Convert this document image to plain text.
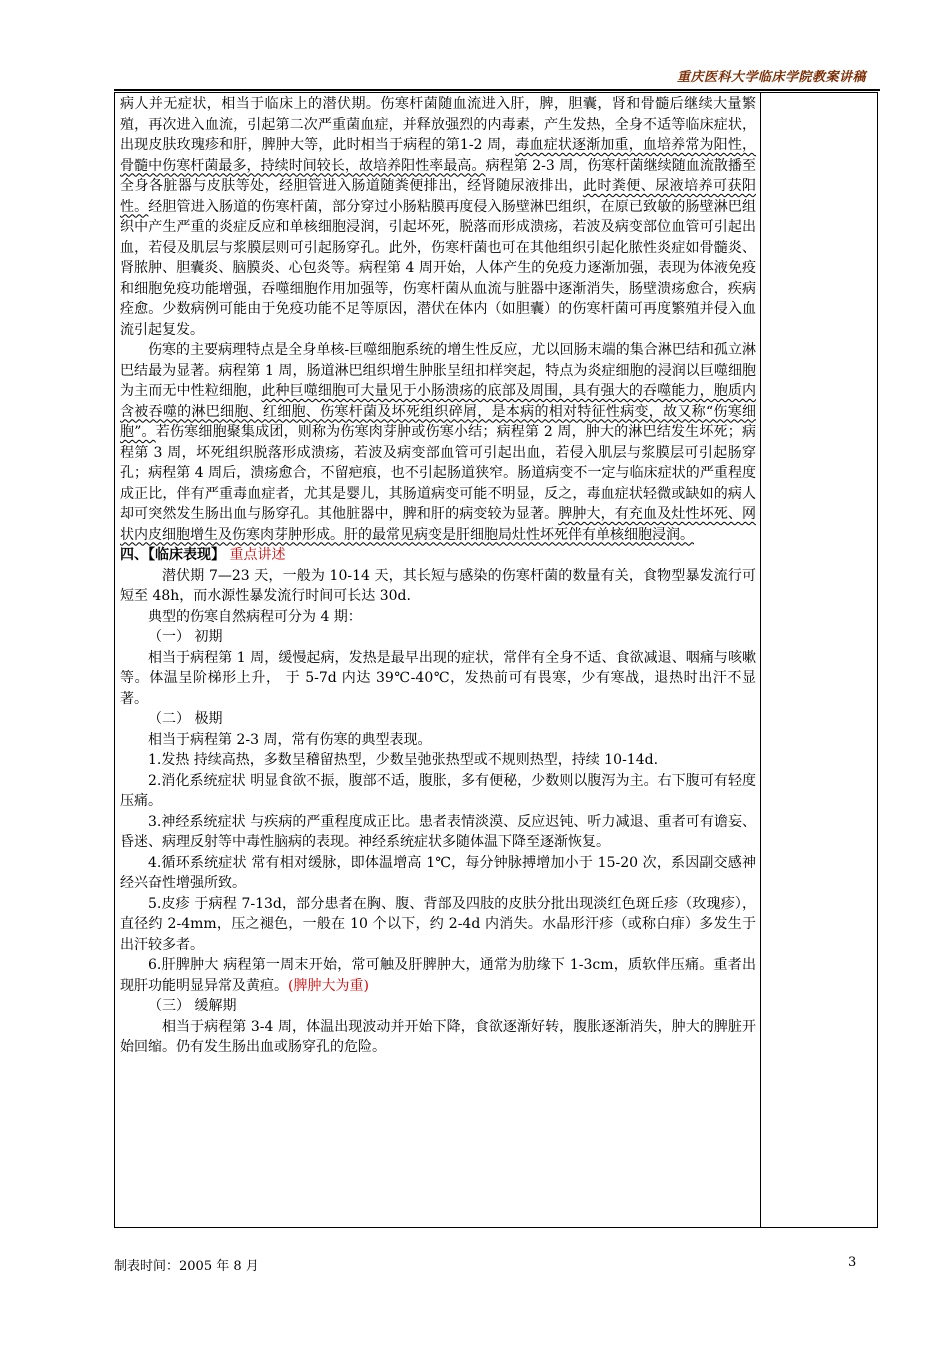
重庆医科大学临床学院教案讲稿

病人并无症状，相当于临床上的潜伏期。伤寒杆菌随血流进入肝，脾，胆囊，肾和骨髓后继续大量繁殖，再次进入血流，引起第二次严重菌血症，并释放强烈的内毒素，产生发热，全身不适等临床症状，出现皮肤玫瑰疹和肝，脾肿大等，此时相当于病程的第1-2 周，毒血症状逐渐加重，血培养常为阳性，骨髓中伤寒杆菌最多，持续时间较长，故培养阳性率最高。病程第 2-3 周，伤寒杆菌继续随血流散播至全身各脏器与皮肤等处，经胆管进入肠道随粪便排出，经肾随尿液排出，此时粪便、尿液培养可获阳性。经胆管进入肠道的伤寒杆菌，部分穿过小肠粘膜再度侵入肠壁淋巴组织，在原已致敏的肠壁淋巴组织中产生严重的炎症反应和单核细胞浸润，引起坏死，脱落而形成溃疡，若波及病变部位血管可引起出血，若侵及肌层与浆膜层则可引起肠穿孔。此外，伤寒杆菌也可在其他组织引起化脓性炎症如骨髓炎、肾脓肿、胆囊炎、脑膜炎、心包炎等。病程第 4 周开始，人体产生的免疫力逐渐加强，表现为体液免疫和细胞免疫功能增强，吞噬细胞作用加强等，伤寒杆菌从血流与脏器中逐渐消失，肠壁溃疡愈合，疾病痊愈。少数病例可能由于免疫功能不足等原因，潜伏在体内（如胆囊）的伤寒杆菌可再度繁殖并侵入血流引起复发。

伤寒的主要病理特点是全身单核-巨噬细胞系统的增生性反应，尤以回肠末端的集合淋巴结和孤立淋巴结最为显著。病程第 1 周，肠道淋巴组织增生肿胀呈纽扣样突起，特点为炎症细胞的浸润以巨噬细胞为主而无中性粒细胞，此种巨噬细胞可大量见于小肠溃疡的底部及周围，具有强大的吞噬能力，胞质内含被吞噬的淋巴细胞、红细胞、伤寒杆菌及坏死组织碎屑，是本病的相对特征性病变，故又称“伤寒细胞”。若伤寒细胞聚集成团，则称为伤寒肉芽肿或伤寒小结；病程第 2 周，肿大的淋巴结发生坏死；病程第 3 周，坏死组织脱落形成溃疡，若波及病变部血管可引起出血，若侵入肌层与浆膜层可引起肠穿孔；病程第 4 周后，溃疡愈合，不留疤痕，也不引起肠道狭窄。肠道病变不一定与临床症状的严重程度成正比，伴有严重毒血症者，尤其是婴儿，其肠道病变可能不明显，反之，毒血症状轻微或缺如的病人却可突然发生肠出血与肠穿孔。其他脏器中，脾和肝的病变较为显著。脾肿大，有充血及灶性坏死、网状内皮细胞增生及伤寒肉芽肿形成。肝的最常见病变是肝细胞局灶性坏死伴有单核细胞浸润。

四、【临床表现】 重点讲述

潜伏期 7—23 天，一般为 10-14 天，其长短与感染的伤寒杆菌的数量有关，食物型暴发流行可短至 48h，而水源性暴发流行时间可长达 30d.

典型的伤寒自然病程可分为 4 期：

（一） 初期

相当于病程第 1 周，缓慢起病，发热是最早出现的症状，常伴有全身不适、食欲减退、咽痛与咳嗽等。体温呈阶梯形上升， 于 5-7d 内达 39℃-40℃，发热前可有畏寒，少有寒战，退热时出汗不显著。

（二） 极期

相当于病程第 2-3 周，常有伤寒的典型表现。

1.发热 持续高热，多数呈稽留热型，少数呈弛张热型或不规则热型，持续 10-14d.

2.消化系统症状 明显食欲不振，腹部不适，腹胀，多有便秘，少数则以腹泻为主。右下腹可有轻度压痛。

3.神经系统症状 与疾病的严重程度成正比。患者表情淡漠、反应迟钝、听力减退、重者可有谵妄、昏迷、病理反射等中毒性脑病的表现。神经系统症状多随体温下降至逐渐恢复。

4.循环系统症状 常有相对缓脉，即体温增高 1℃，每分钟脉搏增加小于 15-20 次，系因副交感神经兴奋性增强所致。

5.皮疹 于病程 7-13d，部分患者在胸、腹、背部及四肢的皮肤分批出现淡红色斑丘疹（玫瑰疹），直径约 2-4mm，压之褪色，一般在 10 个以下，约 2-4d 内消失。水晶形汗疹（或称白痱）多发生于出汗较多者。

6.肝脾肿大 病程第一周末开始，常可触及肝脾肿大，通常为肋缘下 1-3cm，质软伴压痛。重者出现肝功能明显异常及黄疸。(脾肿大为重)

（三） 缓解期

相当于病程第 3-4 周，体温出现波动并开始下降，食欲逐渐好转，腹胀逐渐消失，肿大的脾脏开始回缩。仍有发生肠出血或肠穿孔的危险。

制表时间：2005 年 8 月	3
